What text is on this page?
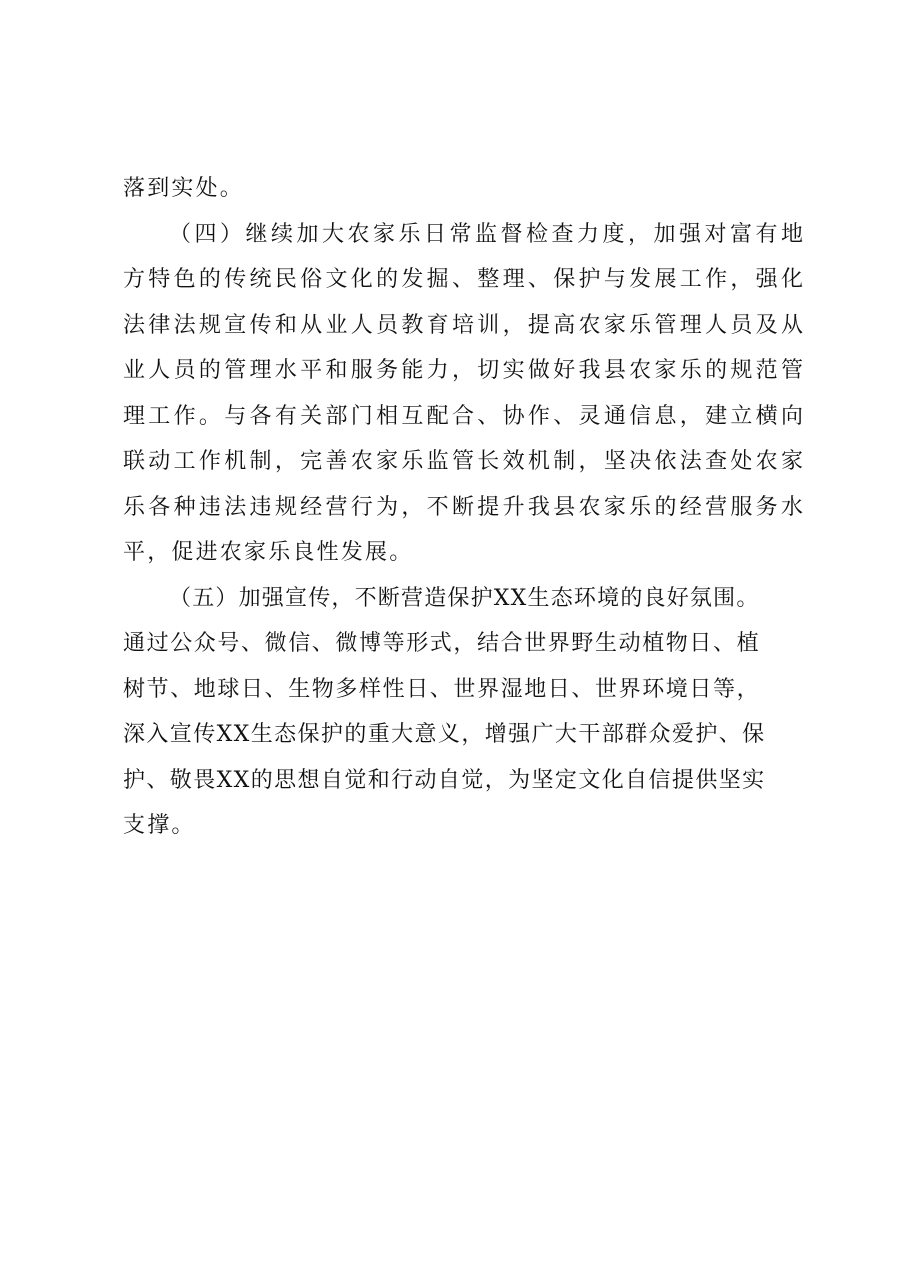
落到实处。
（四）继续加大农家乐日常监督检查力度，加强对富有地
方特色的传统民俗文化的发掘、整理、保护与发展工作，强化
法律法规宣传和从业人员教育培训，提高农家乐管理人员及从
业人员的管理水平和服务能力，切实做好我县农家乐的规范管
理工作。与各有关部门相互配合、协作、灵通信息，建立横向
联动工作机制，完善农家乐监管长效机制，坚决依法查处农家
乐各种违法违规经营行为，不断提升我县农家乐的经营服务水
平，促进农家乐良性发展。
（五）加强宣传，不断营造保护XX生态环境的良好氛围。
通过公众号、微信、微博等形式，结合世界野生动植物日、植
树节、地球日、生物多样性日、世界湿地日、世界环境日等，
深入宣传XX生态保护的重大意义，增强广大干部群众爱护、保
护、敬畏XX的思想自觉和行动自觉，为坚定文化自信提供坚实
支撑。
